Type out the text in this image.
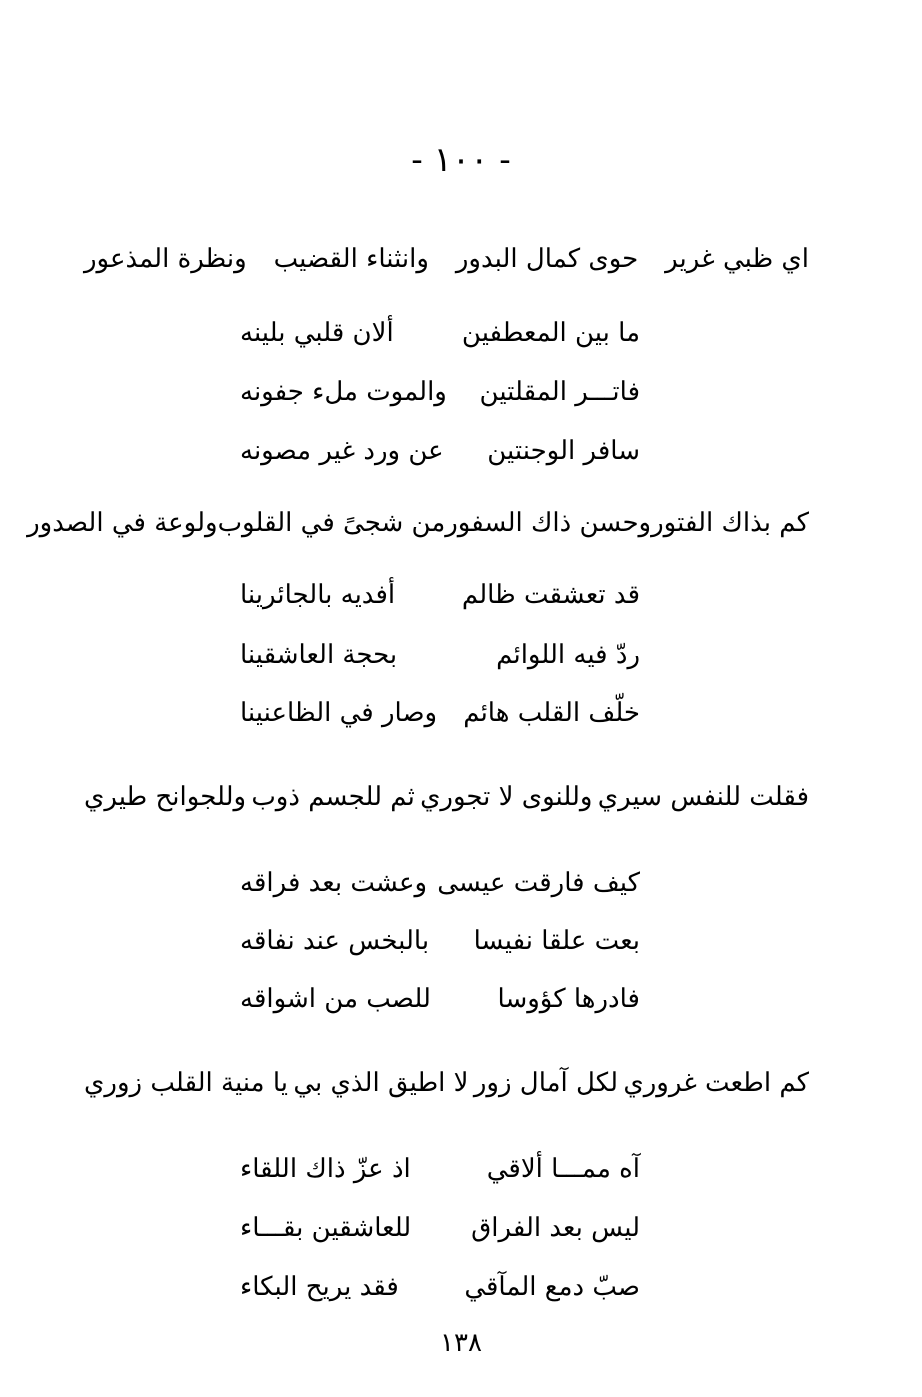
- ١٠٠ -
اي ظبي غرير
حوى كمال البدور
وانثناء القضيب
ونظرة المذعور
ما بين المعطفين
ألان قلبي بلينه
فاتـــر المقلتين
والموت ملء جفونه
سافر الوجنتين
عن ورد غير مصونه
كم بذاك الفتور
وحسن ذاك السفور
من شجىً في القلوب
ولوعة في الصدور
قد تعشقت ظالم
أفديه بالجائرينا
ردّ فيه اللوائم
بحجة العاشقينا
خلّف القلب هائم
وصار في الظاعنينا
فقلت للنفس سيري
وللنوى لا تجوري
ثم للجسم ذوب
وللجوانح طيري
كيف فارقت عيسى
وعشت بعد فراقه
بعت علقا نفيسا
بالبخس عند نفاقه
فادرها كؤوسا
للصب من اشواقه
كم اطعت غروري
لكل آمال زور
لا اطيق الذي بي
يا منية القلب زوري
آه ممـــا ألاقي
اذ عزّ ذاك اللقاء
ليس بعد الفراق
للعاشقين بقـــاء
صبّ دمع المآقي
فقد يريح البكاء
١٣٨
